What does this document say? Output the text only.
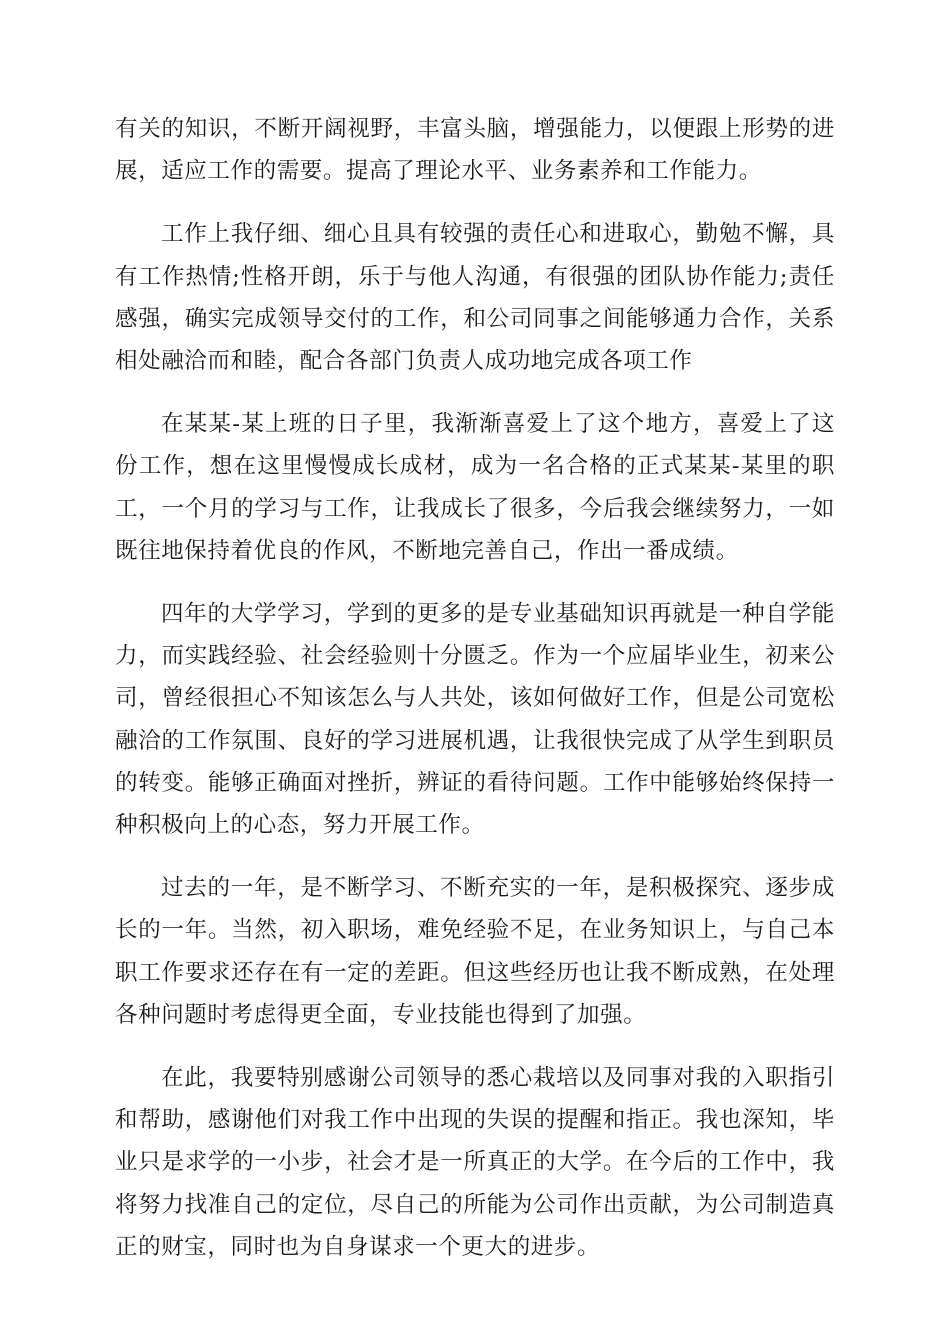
有关的知识，不断开阔视野，丰富头脑，增强能力，以便跟上形势的进展，适应工作的需要。提高了理论水平、业务素养和工作能力。

工作上我仔细、细心且具有较强的责任心和进取心，勤勉不懈，具有工作热情;性格开朗，乐于与他人沟通，有很强的团队协作能力;责任感强，确实完成领导交付的工作，和公司同事之间能够通力合作，关系相处融洽而和睦，配合各部门负责人成功地完成各项工作

在某某-某上班的日子里，我渐渐喜爱上了这个地方，喜爱上了这份工作，想在这里慢慢成长成材，成为一名合格的正式某某-某里的职工，一个月的学习与工作，让我成长了很多，今后我会继续努力，一如既往地保持着优良的作风，不断地完善自己，作出一番成绩。

四年的大学学习，学到的更多的是专业基础知识再就是一种自学能力，而实践经验、社会经验则十分匮乏。作为一个应届毕业生，初来公司，曾经很担心不知该怎么与人共处，该如何做好工作，但是公司宽松融洽的工作氛围、良好的学习进展机遇，让我很快完成了从学生到职员的转变。能够正确面对挫折，辨证的看待问题。工作中能够始终保持一种积极向上的心态，努力开展工作。

过去的一年，是不断学习、不断充实的一年，是积极探究、逐步成长的一年。当然，初入职场，难免经验不足，在业务知识上，与自己本职工作要求还存在有一定的差距。但这些经历也让我不断成熟，在处理各种问题时考虑得更全面，专业技能也得到了加强。

在此，我要特别感谢公司领导的悉心栽培以及同事对我的入职指引和帮助，感谢他们对我工作中出现的失误的提醒和指正。我也深知，毕业只是求学的一小步，社会才是一所真正的大学。在今后的工作中，我将努力找准自己的定位，尽自己的所能为公司作出贡献，为公司制造真正的财宝，同时也为自身谋求一个更大的进步。
